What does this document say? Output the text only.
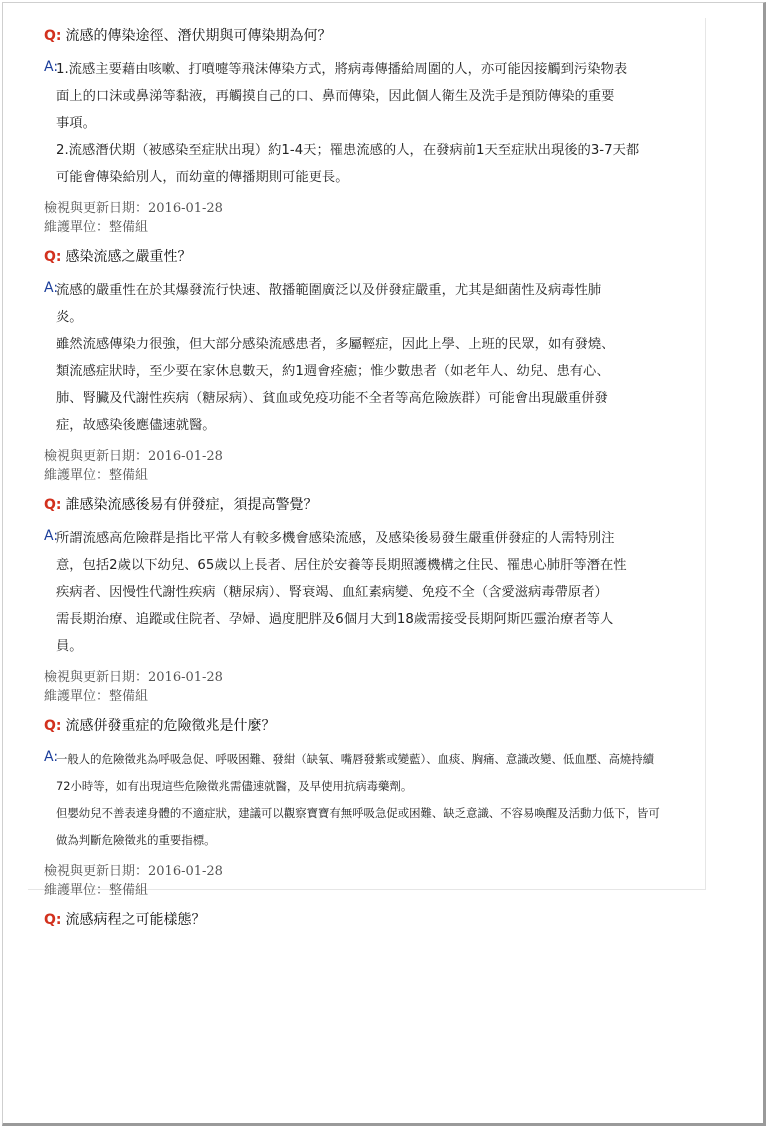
Q: 流感的傳染途徑、潛伏期與可傳染期為何？

A:

1.流感主要藉由咳嗽、打噴嚏等飛沫傳染方式，將病毒傳播給周圍的人，亦可能因接觸到污染物表

面上的口沫或鼻涕等黏液，再觸摸自己的口、鼻而傳染，因此個人衛生及洗手是預防傳染的重要

事項。

2.流感潛伏期（被感染至症狀出現）約1-4天；罹患流感的人，在發病前1天至症狀出現後的3-7天都

可能會傳染給別人，而幼童的傳播期則可能更長。

檢視與更新日期：2016-01-28
維護單位：整備組

Q: 感染流感之嚴重性？

A:

流感的嚴重性在於其爆發流行快速、散播範圍廣泛以及併發症嚴重，尤其是細菌性及病毒性肺

炎。

雖然流感傳染力很強，但大部分感染流感患者，多屬輕症，因此上學、上班的民眾，如有發燒、

類流感症狀時，至少要在家休息數天，約1週會痊癒；惟少數患者（如老年人、幼兒、患有心、

肺、腎臟及代謝性疾病（糖尿病）、貧血或免疫功能不全者等高危險族群）可能會出現嚴重併發

症，故感染後應儘速就醫。

檢視與更新日期：2016-01-28
維護單位：整備組

Q: 誰感染流感後易有併發症，須提高警覺？

A:

所謂流感高危險群是指比平常人有較多機會感染流感，及感染後易發生嚴重併發症的人需特別注

意，包括2歲以下幼兒、65歲以上長者、居住於安養等長期照護機構之住民、罹患心肺肝等潛在性

疾病者、因慢性代謝性疾病（糖尿病）、腎衰竭、血紅素病變、免疫不全（含愛滋病毒帶原者）

需長期治療、追蹤或住院者、孕婦、過度肥胖及6個月大到18歲需接受長期阿斯匹靈治療者等人

員。

檢視與更新日期：2016-01-28
維護單位：整備組

Q: 流感併發重症的危險徵兆是什麼？

A:

一般人的危險徵兆為呼吸急促、呼吸困難、發紺（缺氧、嘴唇發紫或變藍）、血痰、胸痛、意識改變、低血壓、高燒持續

72小時等，如有出現這些危險徵兆需儘速就醫，及早使用抗病毒藥劑。

但嬰幼兒不善表達身體的不適症狀，建議可以觀察寶寶有無呼吸急促或困難、缺乏意識、不容易喚醒及活動力低下，皆可

做為判斷危險徵兆的重要指標。

檢視與更新日期：2016-01-28
維護單位：整備組

Q: 流感病程之可能樣態？
